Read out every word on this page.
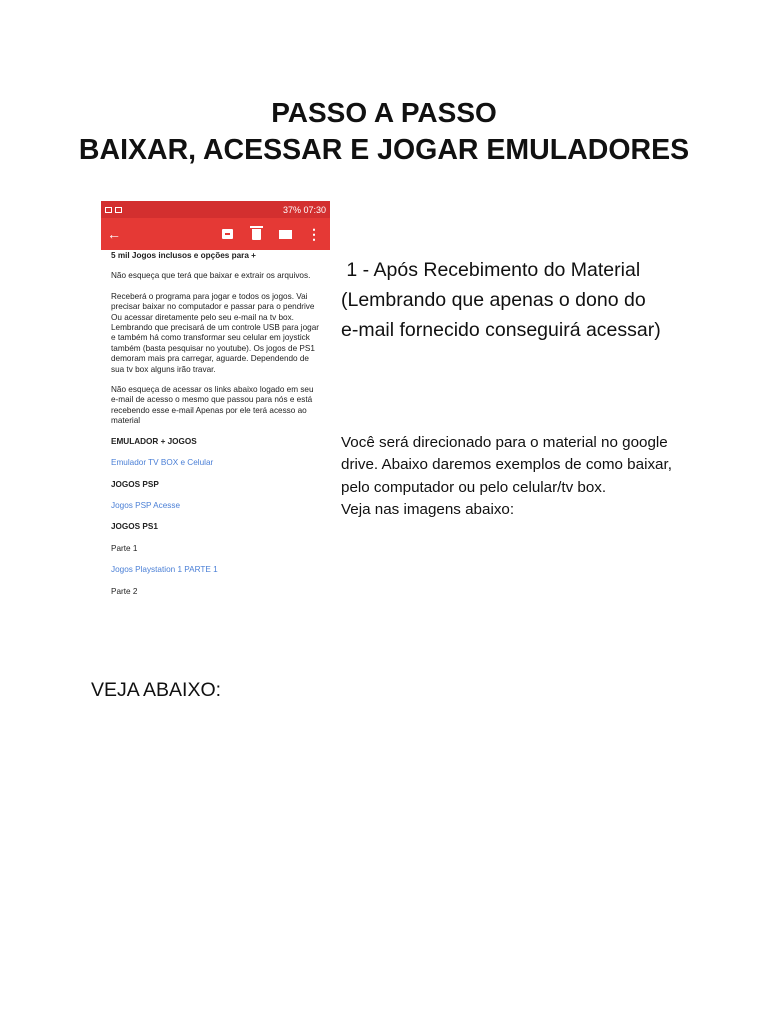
PASSO A PASSO
BAIXAR, ACESSAR E JOGAR EMULADORES
37% 07:30
←	⋮

5 mil Jogos inclusos e opções para +

Não esqueça que terá que baixar e extrair os arquivos.

Receberá o programa para jogar e todos os jogos. Vai precisar baixar no computador e passar para o pendrive Ou acessar diretamente pelo seu e-mail na tv box. Lembrando que precisará de um controle USB para jogar e também há como transformar seu celular em joystick também (basta pesquisar no youtube). Os jogos de PS1 demoram mais pra carregar, aguarde. Dependendo de sua tv box alguns irão travar.

Não esqueça de acessar os links abaixo logado em seu e-mail de acesso o mesmo que passou para nós e está recebendo esse e-mail Apenas por ele terá acesso ao material

EMULADOR + JOGOS

Emulador TV BOX e Celular

JOGOS PSP

Jogos PSP Acesse

JOGOS PS1

Parte 1

Jogos Playstation 1 PARTE 1

Parte 2

1 - Após Recebimento do Material
(Lembrando que apenas o dono do
e-mail fornecido conseguirá acessar)
Você será direcionado para o material no google
drive. Abaixo daremos exemplos de como baixar,
pelo computador ou pelo celular/tv box.
Veja nas imagens abaixo:
VEJA ABAIXO:
